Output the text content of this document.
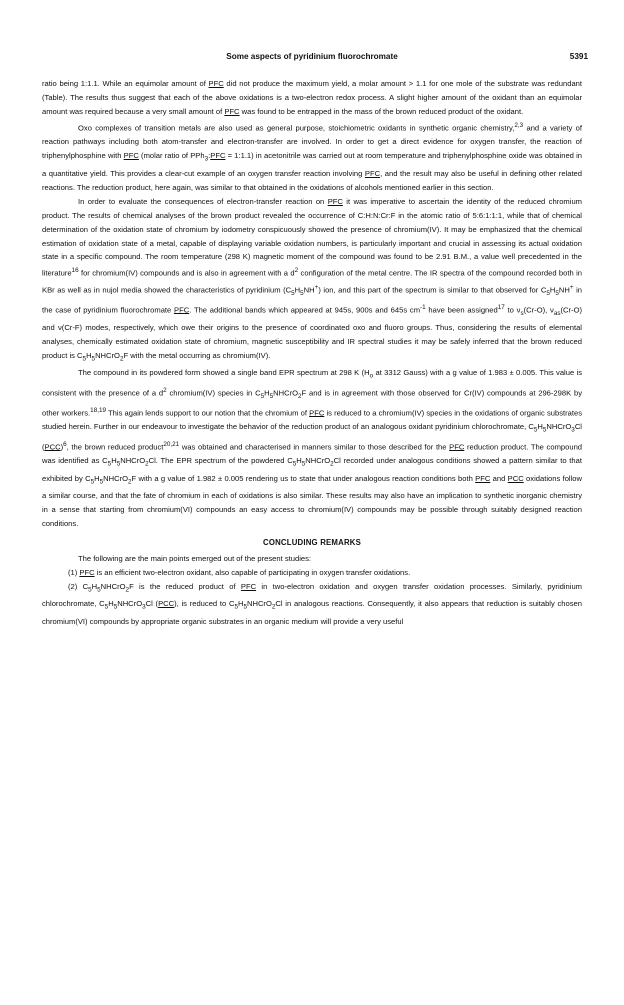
Some aspects of pyridinium fluorochromate	5391

ratio being 1:1.1. While an equimolar amount of PFC did not produce the maximum yield, a molar amount > 1.1 for one mole of the substrate was redundant (Table). The results thus suggest that each of the above oxidations is a two-electron redox process. A slight higher amount of the oxidant than an equimolar amount was required because a very small amount of PFC was found to be entrapped in the mass of the brown reduced product of the oxidant.

Oxo complexes of transition metals are also used as general purpose, stoichiometric oxidants in synthetic organic chemistry,$^{2,3}$ and a variety of reaction pathways including both atom-transfer and electron-transfer are involved. In order to get a direct evidence for oxygen transfer, the reaction of triphenylphosphine with PFC (molar ratio of PPh$_3$:PFC = 1:1.1) in acetonitrile was carried out at room temperature and triphenylphosphine oxide was obtained in a quantitative yield. This provides a clear-cut example of an oxygen transfer reaction involving PFC, and the result may also be useful in defining other related reactions. The reduction product, here again, was similar to that obtained in the oxidations of alcohols mentioned earlier in this section.

In order to evaluate the consequences of electron-transfer reaction on PFC it was imperative to ascertain the identity of the reduced chromium product. The results of chemical analyses of the brown product revealed the occurrence of C:H:N:Cr:F in the atomic ratio of 5:6:1:1:1, while that of chemical determination of the oxidation state of chromium by iodometry conspicuously showed the presence of chromium(IV). It may be emphasized that the chemical estimation of oxidation state of a metal, capable of displaying variable oxidation numbers, is particularly important and crucial in assessing its actual oxidation state in a specific compound. The room temperature (298 K) magnetic moment of the compound was found to be 2.91 B.M., a value well precedented in the literature$^{16}$ for chromium(IV) compounds and is also in agreement with a $d^2$ configuration of the metal centre. The IR spectra of the compound recorded both in KBr as well as in nujol media showed the characteristics of pyridinium $(C_5H_5NH^+)$ ion, and this part of the spectrum is similar to that observed for $C_5H_5NH^+$ in the case of pyridinium fluorochromate PFC. The additional bands which appeared at 945s, 900s and 645s $cm^{-1}$ have been assigned$^{17}$ to $\nu_s(Cr-O)$, $\nu_{as}(Cr-O)$ and ν(Cr-F) modes, respectively, which owe their origins to the presence of coordinated oxo and fluoro groups. Thus, considering the results of elemental analyses, chemically estimated oxidation state of chromium, magnetic susceptibility and IR spectral studies it may be safely inferred that the brown reduced product is $C_5H_5NHCrO_2F$ with the metal occurring as chromium(IV).

The compound in its powdered form showed a single band EPR spectrum at 298 K ($H_o$ at 3312 Gauss) with a g value of 1.983 ± 0.005. This value is consistent with the presence of a $d^2$ chromium(IV) species in $C_5H_5NHCrO_2F$ and is in agreement with those observed for Cr(IV) compounds at 296-298K by other workers.$^{18,19}$ This again lends support to our notion that the chromium of PFC is reduced to a chromium(IV) species in the oxidations of organic substrates studied herein. Further in our endeavour to investigate the behavior of the reduction product of an analogous oxidant pyridinium chlorochromate, $C_5H_5NHCrO_3Cl$ (PCC)$^6$, the brown reduced product$^{20,21}$ was obtained and characterised in manners similar to those described for the PFC reduction product. The compound was identified as $C_5H_5NHCrO_2Cl$. The EPR spectrum of the powdered $C_5H_5NHCrO_2Cl$ recorded under analogous conditions showed a pattern similar to that exhibited by $C_5H_5NHCrO_2F$ with a g value of 1.982 ± 0.005 rendering us to state that under analogous reaction conditions both PFC and PCC oxidations follow a similar course, and that the fate of chromium in each of oxidations is also similar. These results may also have an implication to synthetic inorganic chemistry in a sense that starting from chromium(VI) compounds an easy access to chromium(IV) compounds may be possible through suitably designed reaction conditions.

CONCLUDING REMARKS

The following are the main points emerged out of the present studies:

(1) PFC is an efficient two-electron oxidant, also capable of participating in oxygen transfer oxidations.

(2) $C_5H_5NHCrO_2F$ is the reduced product of PFC in two-electron oxidation and oxygen transfer oxidation processes. Similarly, pyridinium chlorochromate, $C_5H_5NHCrO_3Cl$ (PCC), is reduced to $C_5H_5NHCrO_2Cl$ in analogous reactions. Consequently, it also appears that reduction is suitably chosen chromium(VI) compounds by appropriate organic substrates in an organic medium will provide a very useful
